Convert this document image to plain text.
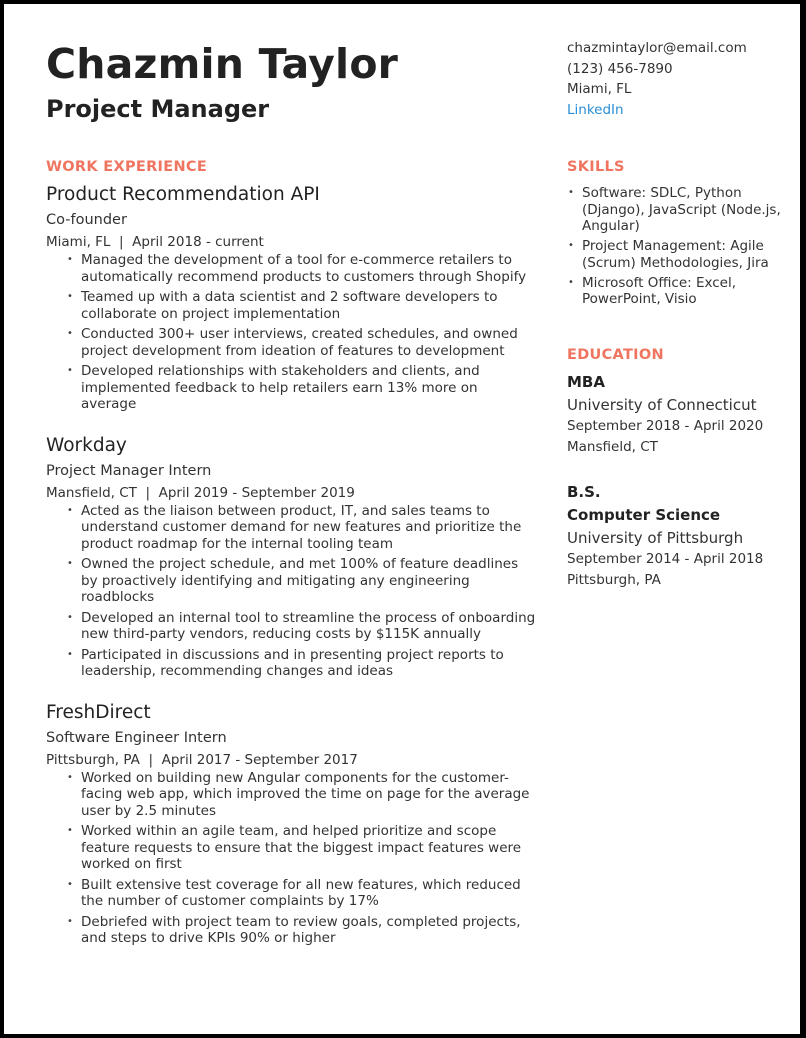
Chazmin Taylor
Project Manager
chazmintaylor@email.com
(123) 456-7890
Miami, FL
LinkedIn
WORK EXPERIENCE
Product Recommendation API
Co-founder
Miami, FL  |  April 2018 - current
• Managed the development of a tool for e-commerce retailers to automatically recommend products to customers through Shopify
• Teamed up with a data scientist and 2 software developers to collaborate on project implementation
• Conducted 300+ user interviews, created schedules, and owned project development from ideation of features to development
• Developed relationships with stakeholders and clients, and implemented feedback to help retailers earn 13% more on average
Workday
Project Manager Intern
Mansfield, CT  |  April 2019 - September 2019
• Acted as the liaison between product, IT, and sales teams to understand customer demand for new features and prioritize the product roadmap for the internal tooling team
• Owned the project schedule, and met 100% of feature deadlines by proactively identifying and mitigating any engineering roadblocks
• Developed an internal tool to streamline the process of onboarding new third-party vendors, reducing costs by $115K annually
• Participated in discussions and in presenting project reports to leadership, recommending changes and ideas
FreshDirect
Software Engineer Intern
Pittsburgh, PA  |  April 2017 - September 2017
• Worked on building new Angular components for the customer-facing web app, which improved the time on page for the average user by 2.5 minutes
• Worked within an agile team, and helped prioritize and scope feature requests to ensure that the biggest impact features were worked on first
• Built extensive test coverage for all new features, which reduced the number of customer complaints by 17%
• Debriefed with project team to review goals, completed projects, and steps to drive KPIs 90% or higher
SKILLS
• Software: SDLC, Python (Django), JavaScript (Node.js, Angular)
• Project Management: Agile (Scrum) Methodologies, Jira
• Microsoft Office: Excel, PowerPoint, Visio
EDUCATION
MBA
University of Connecticut
September 2018 - April 2020
Mansfield, CT
B.S.
Computer Science
University of Pittsburgh
September 2014 - April 2018
Pittsburgh, PA
